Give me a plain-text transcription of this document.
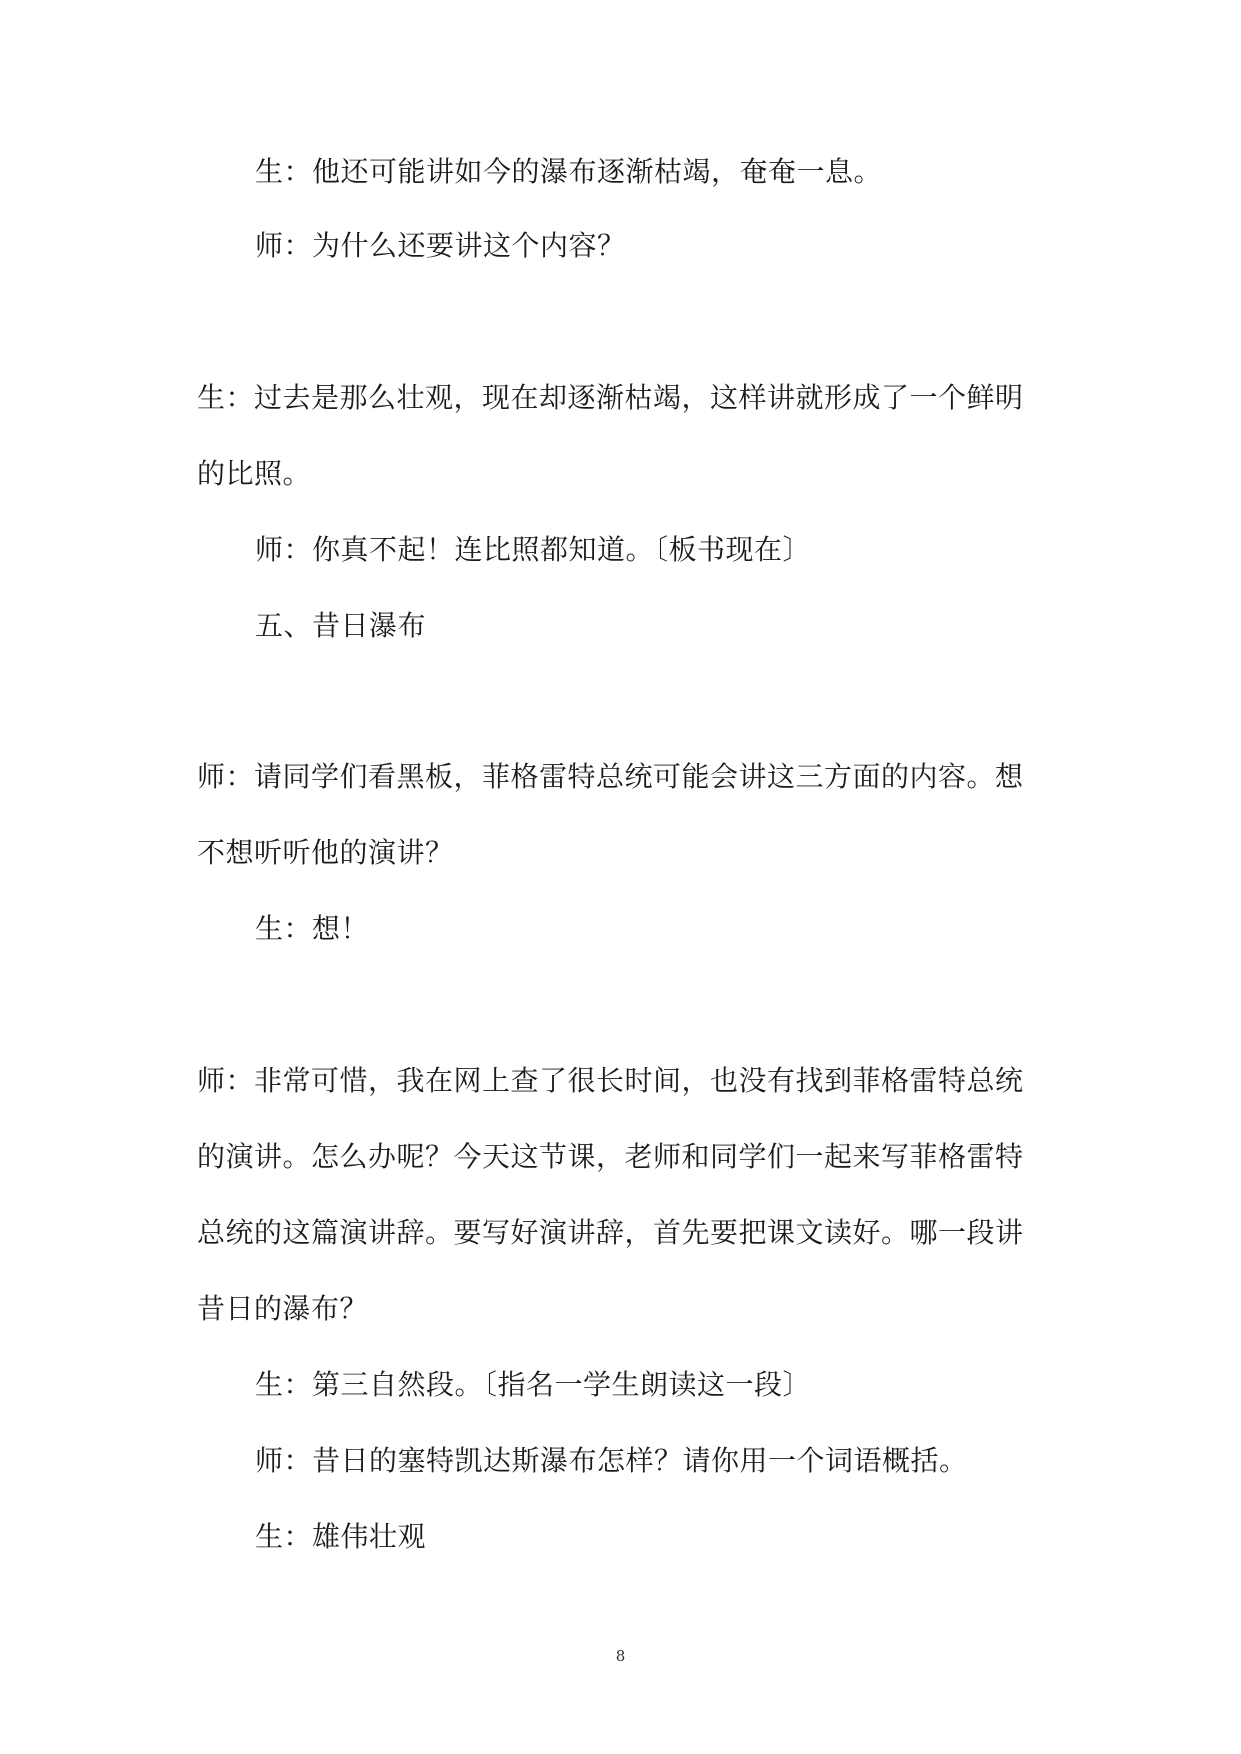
生：他还可能讲如今的瀑布逐渐枯竭，奄奄一息。

师：为什么还要讲这个内容？

生：过去是那么壮观，现在却逐渐枯竭，这样讲就形成了一个鲜明

的比照。

师：你真不起！连比照都知道。〔板书现在〕

五、昔日瀑布

师：请同学们看黑板，菲格雷特总统可能会讲这三方面的内容。想

不想听听他的演讲？

生：想！

师：非常可惜，我在网上查了很长时间，也没有找到菲格雷特总统

的演讲。怎么办呢？今天这节课，老师和同学们一起来写菲格雷特

总统的这篇演讲辞。要写好演讲辞，首先要把课文读好。哪一段讲

昔日的瀑布？

生：第三自然段。〔指名一学生朗读这一段〕

师：昔日的塞特凯达斯瀑布怎样？请你用一个词语概括。

生：雄伟壮观

8
